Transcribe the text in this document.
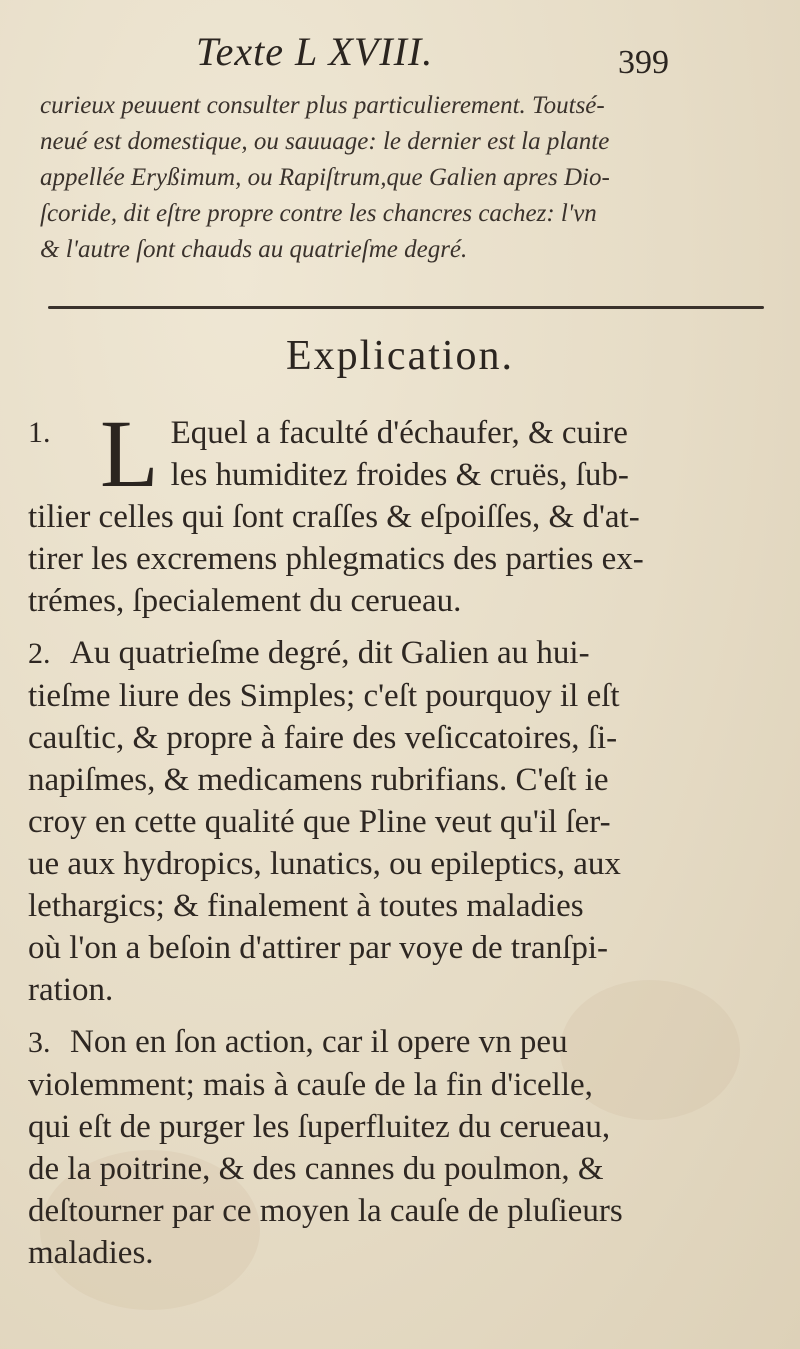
Texte L XVIII.	399
curieux peuuent consulter plus particulierement. Toutsé-
neué est domestique, ou sauuage: le dernier est la plante
appellée Eryßimum, ou Rapiſtrum,que Galien apres Dio-
ſcoride, dit eſtre propre contre les chancres cachez: l'vn
& l'autre ſont chauds au quatrieſme degré.
Explication.
1. L Equel a faculté d'échaufer, & cuire
les humiditez froides & cruës, ſub-
tilier celles qui ſont craſſes & eſpoiſſes, & d'at-
tirer les excremens phlegmatics des parties ex-
trémes, ſpecialement du cerueau.
2. Au quatrieſme degré, dit Galien au hui-
tieſme liure des Simples; c'eſt pourquoy il eſt
cauſtic, & propre à faire des veſiccatoires, ſi-
napiſmes, & medicamens rubrifians. C'eſt ie
croy en cette qualité que Pline veut qu'il ſer-
ue aux hydropics, lunatics, ou epileptics, aux
lethargics; & finalement à toutes maladies
où l'on a beſoin d'attirer par voye de tranſpi-
ration.
3. Non en ſon action, car il opere vn peu
violemment; mais à cauſe de la fin d'icelle,
qui eſt de purger les ſuperfluitez du cerueau,
de la poitrine, & des cannes du poulmon, &
deſtourner par ce moyen la cauſe de pluſieurs
maladies.
